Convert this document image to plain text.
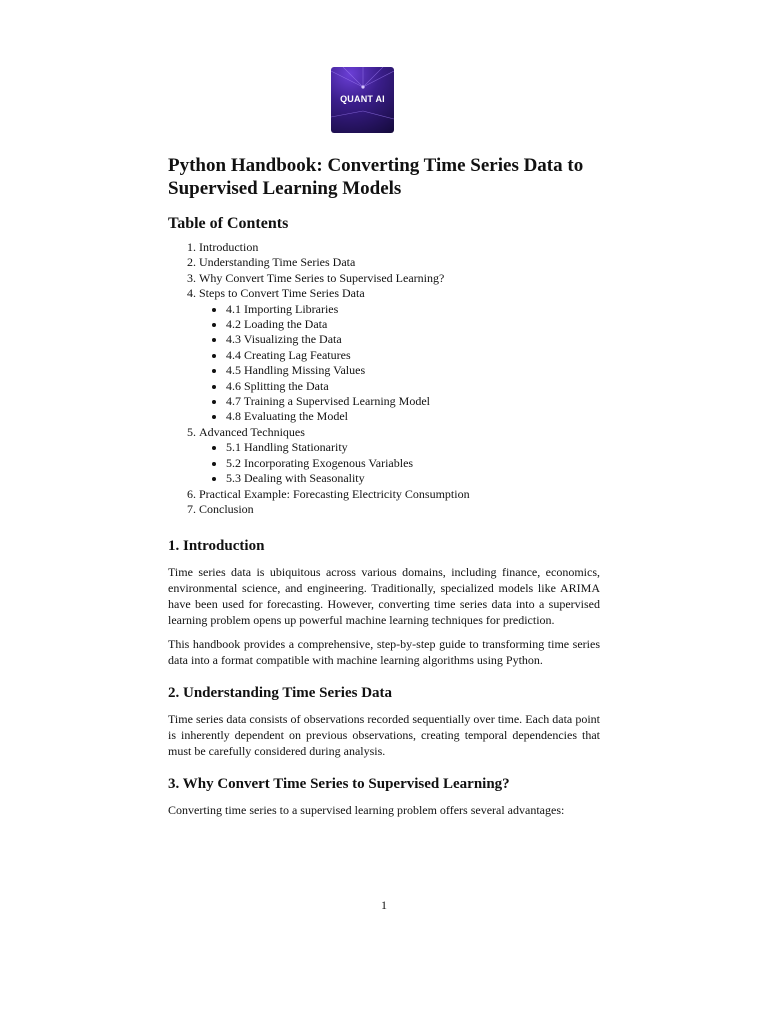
QUANT AI
Python Handbook: Converting Time Series Data to Supervised Learning Models
Table of Contents
1. Introduction
2. Understanding Time Series Data
3. Why Convert Time Series to Supervised Learning?
4. Steps to Convert Time Series Data
• 4.1 Importing Libraries
• 4.2 Loading the Data
• 4.3 Visualizing the Data
• 4.4 Creating Lag Features
• 4.5 Handling Missing Values
• 4.6 Splitting the Data
• 4.7 Training a Supervised Learning Model
• 4.8 Evaluating the Model
5. Advanced Techniques
• 5.1 Handling Stationarity
• 5.2 Incorporating Exogenous Variables
• 5.3 Dealing with Seasonality
6. Practical Example: Forecasting Electricity Consumption
7. Conclusion
1. Introduction

Time series data is ubiquitous across various domains, including finance, economics, environmental science, and engineering. Traditionally, specialized models like ARIMA have been used for forecasting. However, converting time series data into a supervised learning problem opens up powerful machine learning techniques for prediction.

This handbook provides a comprehensive, step-by-step guide to transforming time series data into a format compatible with machine learning algorithms using Python.

2. Understanding Time Series Data

Time series data consists of observations recorded sequentially over time. Each data point is inherently dependent on previous observations, creating temporal dependencies that must be carefully considered during analysis.

3. Why Convert Time Series to Supervised Learning?

Converting time series to a supervised learning problem offers several advantages:

1
